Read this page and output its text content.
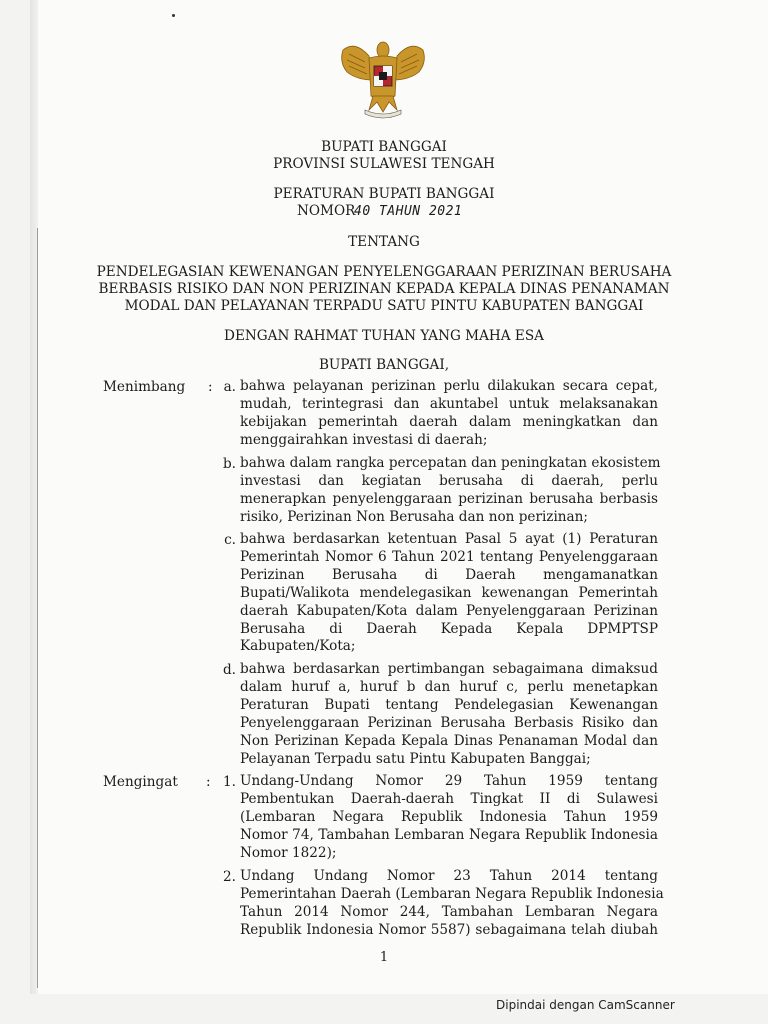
BUPATI BANGGAI
PROVINSI SULAWESI TENGAH
PERATURAN BUPATI BANGGAI
NOMOR
40 TAHUN 2021
TENTANG
PENDELEGASIAN KEWENANGAN PENYELENGGARAAN PERIZINAN BERUSAHA
BERBASIS RISIKO DAN NON PERIZINAN KEPADA KEPALA DINAS PENANAMAN
MODAL DAN PELAYANAN TERPADU SATU PINTU KABUPATEN BANGGAI
DENGAN RAHMAT TUHAN YANG MAHA ESA
BUPATI BANGGAI,
Menimbang : a. bahwa pelayanan perizinan perlu dilakukan secara cepat,
mudah, terintegrasi dan akuntabel untuk melaksanakan
kebijakan pemerintah daerah dalam meningkatkan dan
menggairahkan investasi di daerah;
b. bahwa dalam rangka percepatan dan peningkatan ekosistem
investasi dan kegiatan berusaha di daerah, perlu
menerapkan penyelenggaraan perizinan berusaha berbasis
risiko, Perizinan Non Berusaha dan non perizinan;
c. bahwa berdasarkan ketentuan Pasal 5 ayat (1) Peraturan
Pemerintah Nomor 6 Tahun 2021 tentang Penyelenggaraan
Perizinan Berusaha di Daerah mengamanatkan
Bupati/Walikota mendelegasikan kewenangan Pemerintah
daerah Kabupaten/Kota dalam Penyelenggaraan Perizinan
Berusaha di Daerah Kepada Kepala DPMPTSP
Kabupaten/Kota;
d. bahwa berdasarkan pertimbangan sebagaimana dimaksud
dalam huruf a, huruf b dan huruf c, perlu menetapkan
Peraturan Bupati tentang Pendelegasian Kewenangan
Penyelenggaraan Perizinan Berusaha Berbasis Risiko dan
Non Perizinan Kepada Kepala Dinas Penanaman Modal dan
Pelayanan Terpadu satu Pintu Kabupaten Banggai;
Mengingat : 1. Undang-Undang Nomor 29 Tahun 1959 tentang
Pembentukan Daerah-daerah Tingkat II di Sulawesi
(Lembaran Negara Republik Indonesia Tahun 1959
Nomor 74, Tambahan Lembaran Negara Republik Indonesia
Nomor 1822);
2. Undang Undang Nomor 23 Tahun 2014 tentang
Pemerintahan Daerah (Lembaran Negara Republik Indonesia
Tahun 2014 Nomor 244, Tambahan Lembaran Negara
Republik Indonesia Nomor 5587) sebagaimana telah diubah
1
Dipindai dengan CamScanner
